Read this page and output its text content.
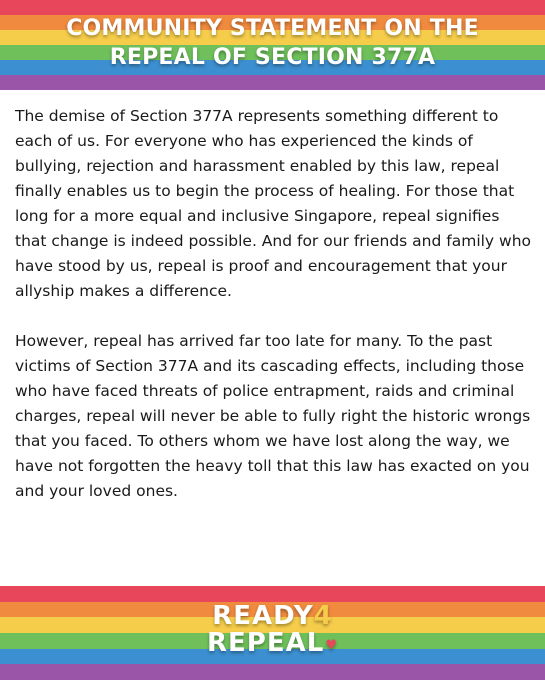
COMMUNITY STATEMENT ON THE
REPEAL OF SECTION 377A

The demise of Section 377A represents something different to each of us. For everyone who has experienced the kinds of bullying, rejection and harassment enabled by this law, repeal finally enables us to begin the process of healing. For those that long for a more equal and inclusive Singapore, repeal signifies that change is indeed possible. And for our friends and family who have stood by us, repeal is proof and encouragement that your allyship makes a difference.

However, repeal has arrived far too late for many. To the past victims of Section 377A and its cascading effects, including those who have faced threats of police entrapment, raids and criminal charges, repeal will never be able to fully right the historic wrongs that you faced. To others whom we have lost along the way, we have not forgotten the heavy toll that this law has exacted on you and your loved ones.

READY4
REPEAL♥
